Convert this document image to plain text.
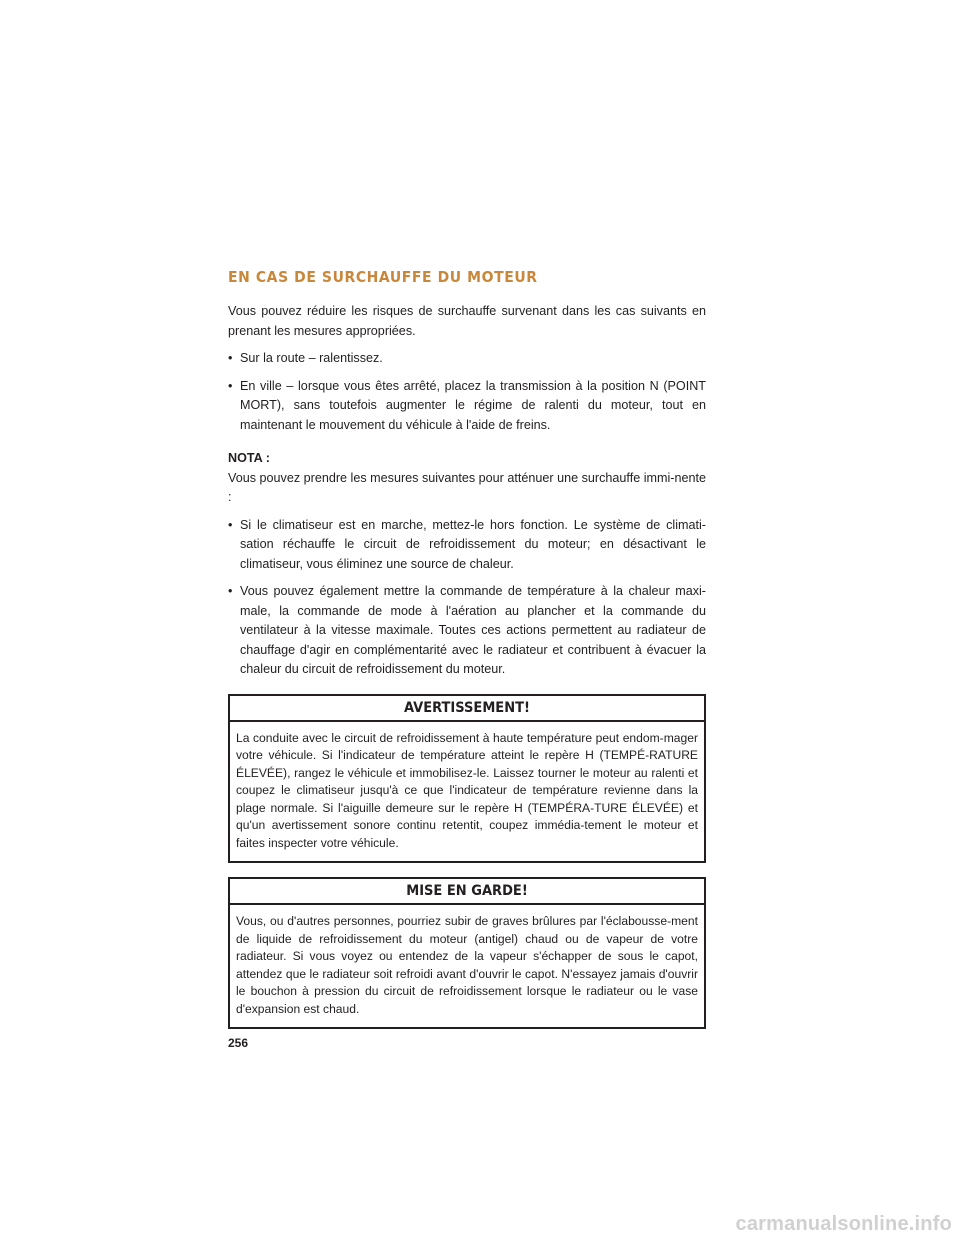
EN CAS DE SURCHAUFFE DU MOTEUR

Vous pouvez réduire les risques de surchauffe survenant dans les cas suivants en prenant les mesures appropriées.

• Sur la route – ralentissez.
• En ville – lorsque vous êtes arrêté, placez la transmission à la position N (POINT MORT), sans toutefois augmenter le régime de ralenti du moteur, tout en maintenant le mouvement du véhicule à l'aide de freins.
NOTA :

Vous pouvez prendre les mesures suivantes pour atténuer une surchauffe immi-nente :

• Si le climatiseur est en marche, mettez-le hors fonction. Le système de climati-sation réchauffe le circuit de refroidissement du moteur; en désactivant le climatiseur, vous éliminez une source de chaleur.
• Vous pouvez également mettre la commande de température à la chaleur maxi-male, la commande de mode à l'aération au plancher et la commande du ventilateur à la vitesse maximale. Toutes ces actions permettent au radiateur de chauffage d'agir en complémentarité avec le radiateur et contribuent à évacuer la chaleur du circuit de refroidissement du moteur.
AVERTISSEMENT!
La conduite avec le circuit de refroidissement à haute température peut endom-mager votre véhicule. Si l'indicateur de température atteint le repère H (TEMPÉ-RATURE ÉLEVÉE), rangez le véhicule et immobilisez-le. Laissez tourner le moteur au ralenti et coupez le climatiseur jusqu'à ce que l'indicateur de température revienne dans la plage normale. Si l'aiguille demeure sur le repère H (TEMPÉRA-TURE ÉLEVÉE) et qu'un avertissement sonore continu retentit, coupez immédia-tement le moteur et faites inspecter votre véhicule.
MISE EN GARDE!
Vous, ou d'autres personnes, pourriez subir de graves brûlures par l'éclabousse-ment de liquide de refroidissement du moteur (antigel) chaud ou de vapeur de votre radiateur. Si vous voyez ou entendez de la vapeur s'échapper de sous le capot, attendez que le radiateur soit refroidi avant d'ouvrir le capot. N'essayez jamais d'ouvrir le bouchon à pression du circuit de refroidissement lorsque le radiateur ou le vase d'expansion est chaud.
256
carmanualsonline.info
